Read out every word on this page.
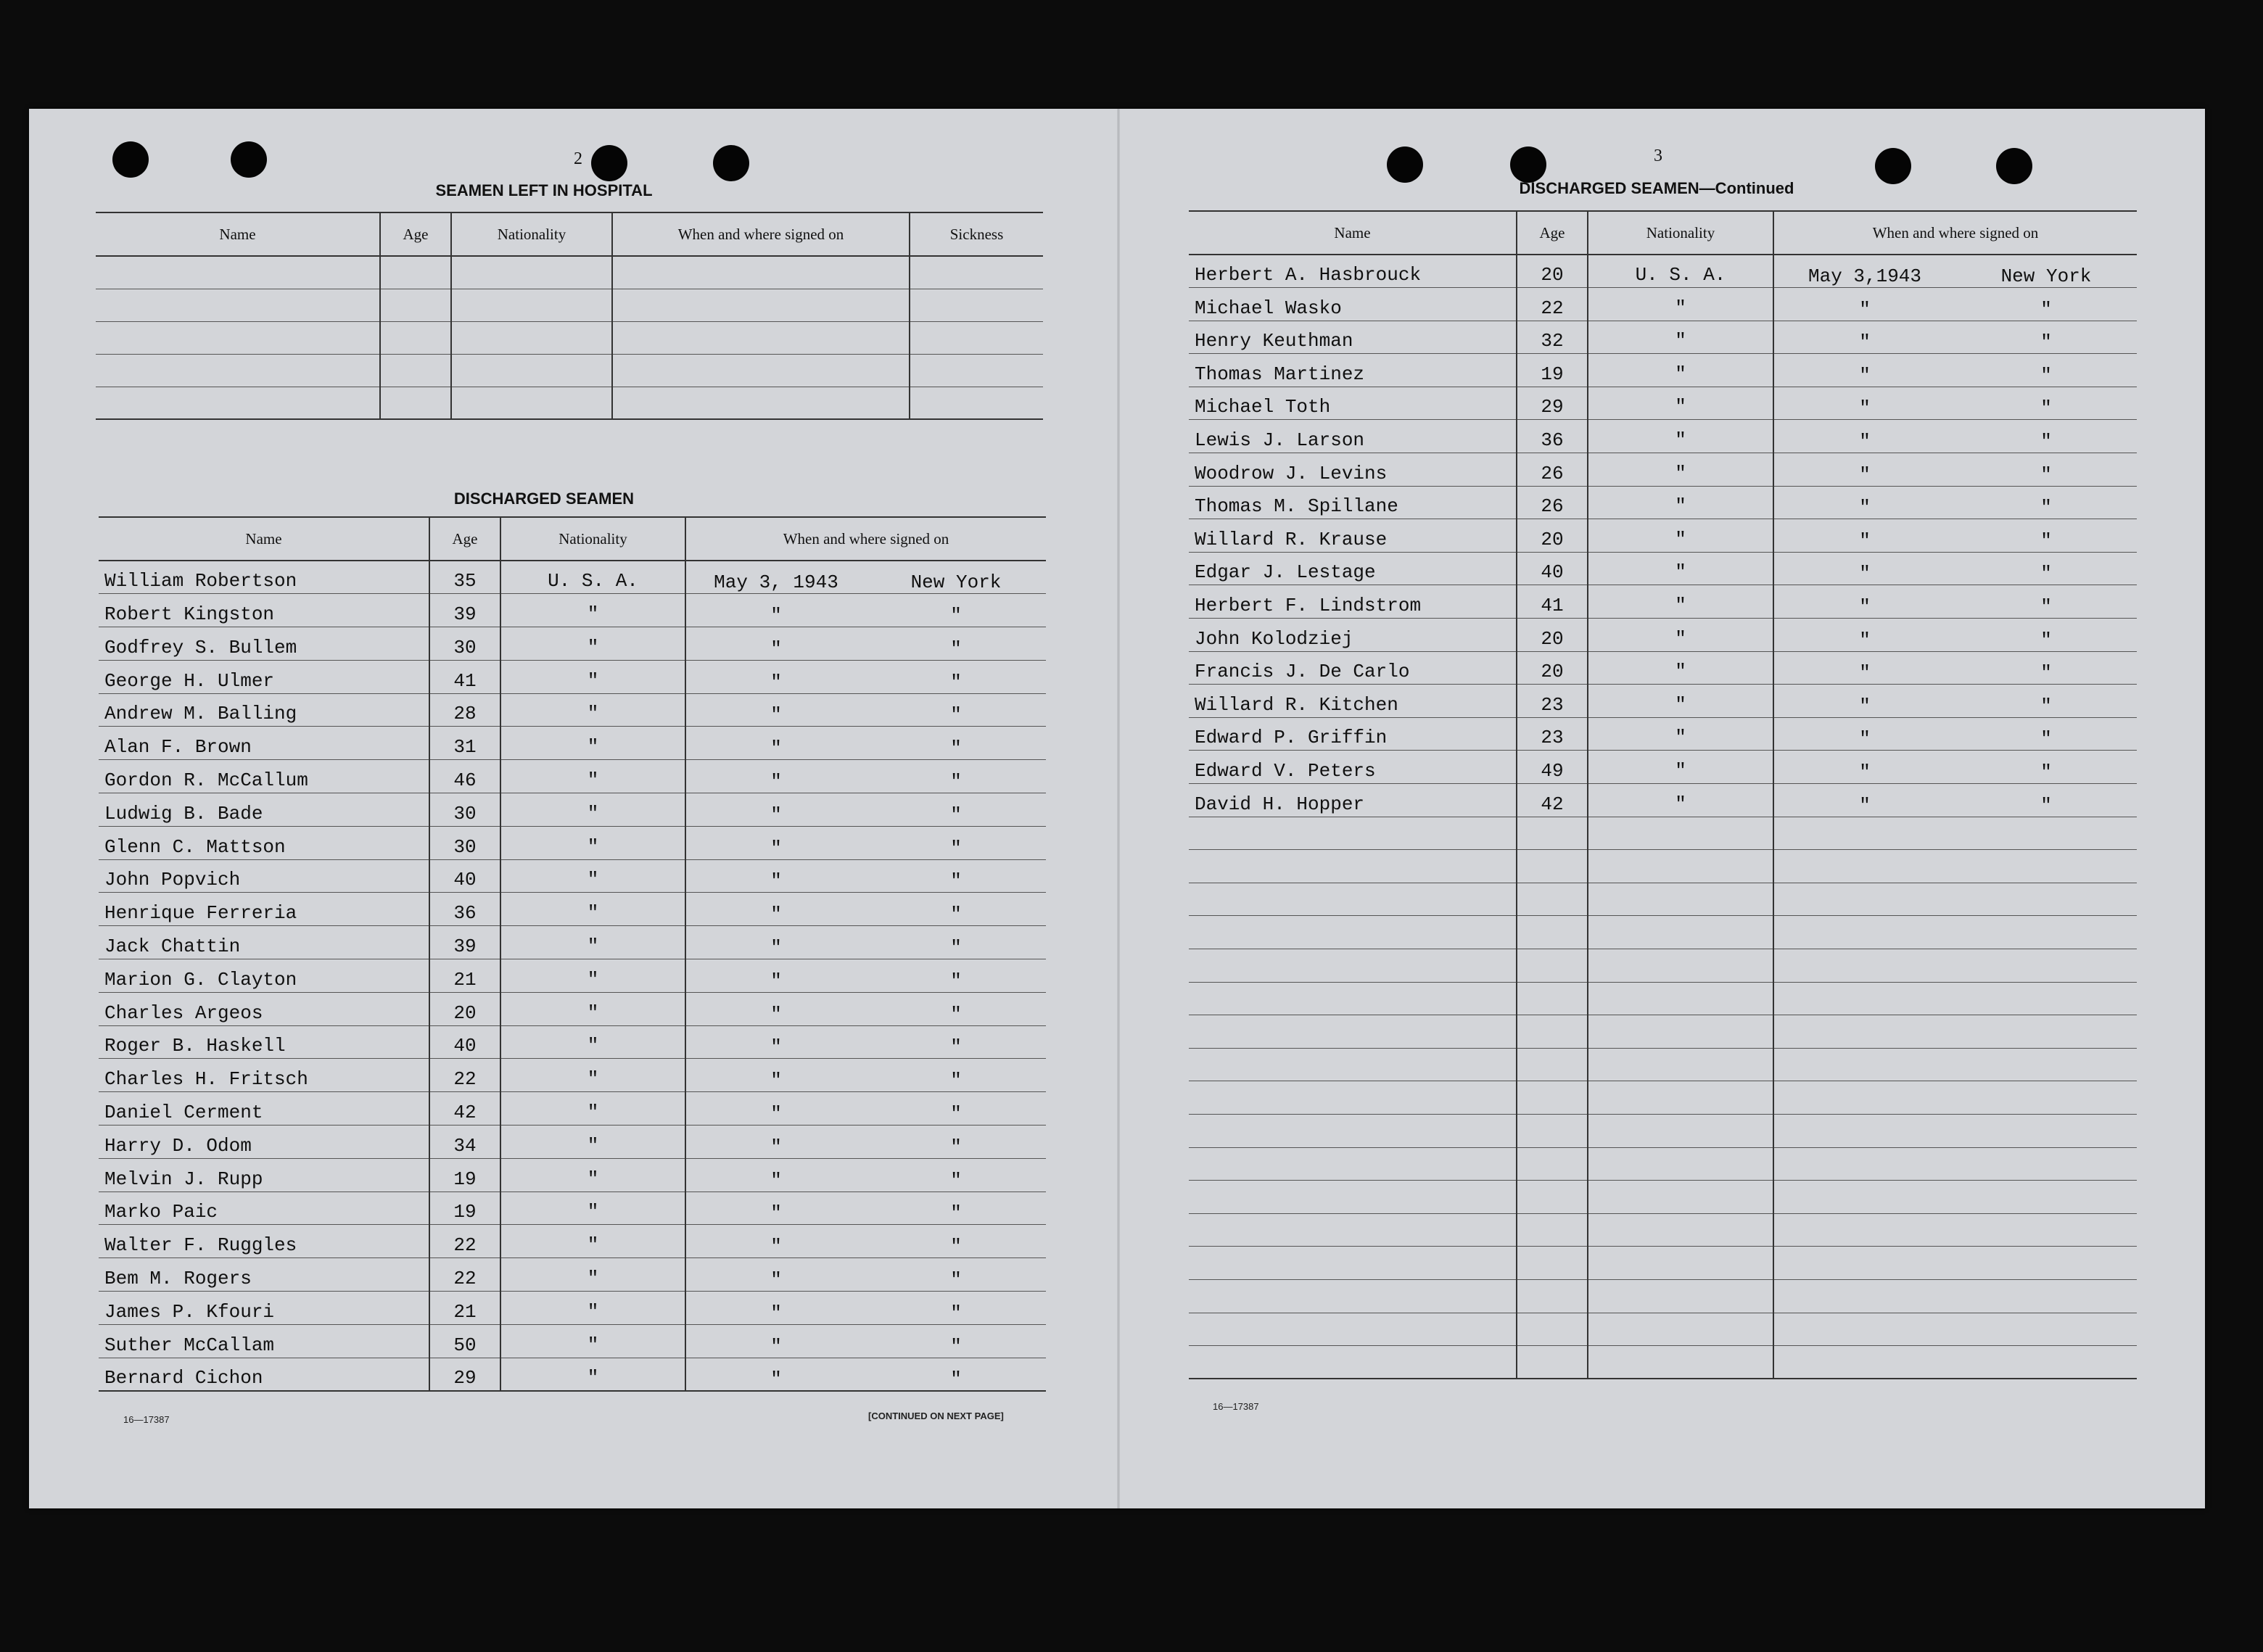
2
SEAMEN LEFT IN HOSPITAL
Name	Age	Nationality	When and where signed on	Sickness

DISCHARGED SEAMEN
Name	Age	Nationality	When and where signed on
William Robertson	35	U. S. A.	May 3, 1943 New York

Robert Kingston	39	"	" "

Godfrey S. Bullem	30	"	" "

George H. Ulmer	41	"	" "

Andrew M. Balling	28	"	" "

Alan F. Brown	31	"	" "

Gordon R. McCallum	46	"	" "

Ludwig B. Bade	30	"	" "

Glenn C. Mattson	30	"	" "

John Popvich	40	"	" "

Henrique Ferreria	36	"	" "

Jack Chattin	39	"	" "

Marion G. Clayton	21	"	" "

Charles Argeos	20	"	" "

Roger B. Haskell	40	"	" "

Charles H. Fritsch	22	"	" "

Daniel Cerment	42	"	" "

Harry D. Odom	34	"	" "

Melvin J. Rupp	19	"	" "

Marko Paic	19	"	" "

Walter F. Ruggles	22	"	" "

Bem M. Rogers	22	"	" "

James P. Kfouri	21	"	" "

Suther McCallam	50	"	" "

Bernard Cichon	29	"	" "
16—17387	[CONTINUED ON NEXT PAGE]
3
DISCHARGED SEAMEN—Continued
Name	Age	Nationality	When and where signed on
Herbert A. Hasbrouck	20	U. S. A.	May 3,1943 New York

Michael Wasko	22	"	" "

Henry Keuthman	32	"	" "

Thomas Martinez	19	"	" "

Michael Toth	29	"	" "

Lewis J. Larson	36	"	" "

Woodrow J. Levins	26	"	" "

Thomas M. Spillane	26	"	" "

Willard R. Krause	20	"	" "

Edgar J. Lestage	40	"	" "

Herbert F. Lindstrom	41	"	" "

John Kolodziej	20	"	" "

Francis J. De Carlo	20	"	" "

Willard R. Kitchen	23	"	" "

Edward P. Griffin	23	"	" "

Edward V. Peters	49	"	" "

David H. Hopper	42	"	" "

16—17387
